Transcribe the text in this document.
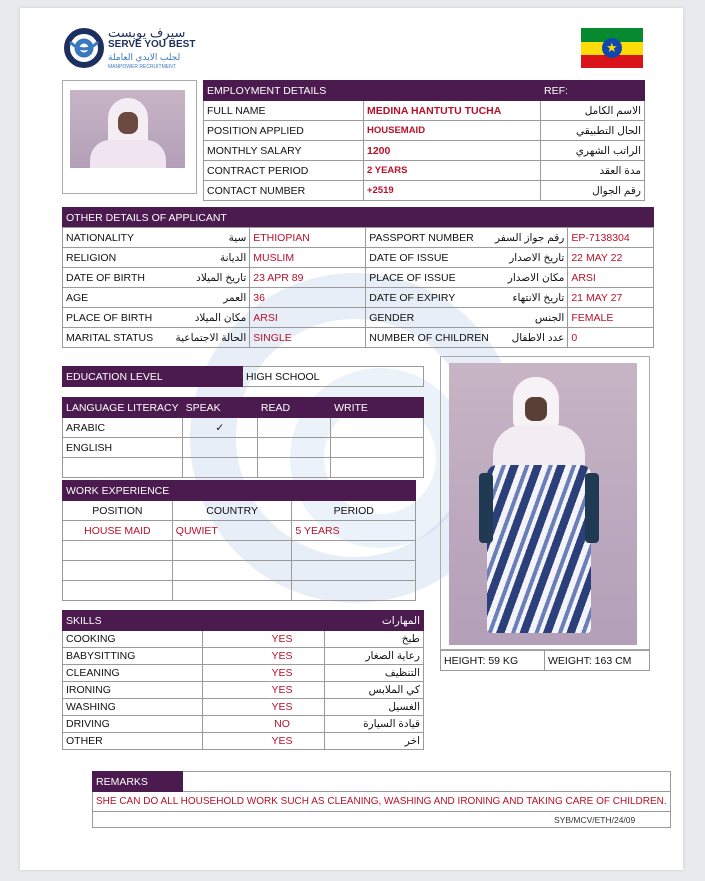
سيرف يوبست
SERVE YOU BEST
لجلب الايدي العاملة
MANPOWER RECRUITMENT
★
EMPLOYMENT DETAILS		REF:
FULL NAME	MEDINA HANTUTU TUCHA	الاسم الكامل
POSITION APPLIED	HOUSEMAID	الحال التطبيقي
MONTHLY SALARY	1200	الراتب الشهري
CONTRACT PERIOD	2 YEARS	مدة العقد
CONTACT NUMBER	+2519	رقم الجوال
OTHER DETAILS OF APPLICANT	
NATIONALITY	سية	ETHIOPIAN	PASSPORT NUMBER	رقم جواز السفر	EP-7138304
RELIGION	الديانة	MUSLIM	DATE OF ISSUE	تاريخ الاصدار	22 MAY 22
DATE OF BIRTH	تاريخ الميلاد	23 APR 89	PLACE OF ISSUE	مكان الاصدار	ARSI
AGE	العمر	36	DATE OF EXPIRY	تاريخ الانتهاء	21 MAY 27
PLACE OF BIRTH	مكان الميلاد	ARSI	GENDER	الجنس	FEMALE
MARITAL STATUS	الحالة الاجتماعية	SINGLE	NUMBER OF CHILDREN	عدد الاطفال	0
EDUCATION LEVEL	HIGH SCHOOL
LANGUAGE LITERACY	SPEAK	READ	WRITE
ARABIC	✓		
ENGLISH			

WORK EXPERIENCE		
POSITION	COUNTRY	PERIOD
HOUSE MAID	QUWIET	5 YEARS

SKILLS		المهارات
COOKING	YES	طبخ
BABYSITTING	YES	رعاية الصغار
CLEANING	YES	التنظيف
IRONING	YES	كي الملابس
WASHING	YES	الغسيل
DRIVING	NO	قيادة السيارة
OTHER	YES	اخر
HEIGHT: 59 KG	WEIGHT: 163 CM
REMARKS	
SHE CAN DO ALL HOUSEHOLD WORK SUCH AS CLEANING, WASHING AND IRONING AND TAKING CARE OF CHILDREN.

SYB/MCV/ETH/24/09
